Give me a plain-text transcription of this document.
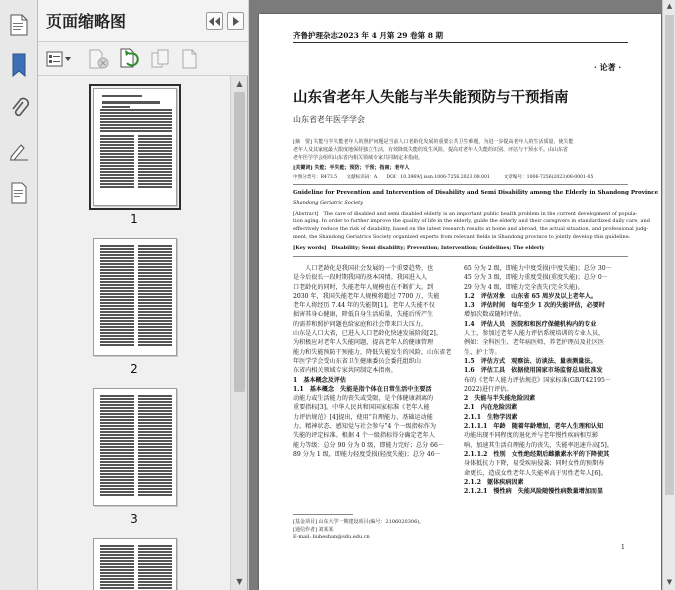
页面缩略图
1
2
3
▲
▼
齐鲁护理杂志2023 年 4 月第 29 卷第 8 期
· 论著 ·
山东省老年人失能与半失能预防与干预指南
山东省老年医学学会
[摘　要] 失能与半失能老年人的照护问题是当前人口老龄化发展的重要公共卫生难题。为进一步提高老年人的生活质量，使失能
老年人及其家庭最大限度地保持独立生活，有效降低失能的发生风险，提高对老年人失能的识别、评估与干预水平。由山东省
老年医学学会组织山东省内相关领域专家共同制定本指南。
[关键词] 失能；半失能；预防；干预；指南；老年人
中图分类号：R473.5　　文献标识码：A　　DOI：10.3969/j.issn.1006-7256.2023.08.001　　　文章编号：1006-7256(2023)08-0001-05
Guideline for Prevention and Intervention of Disability and Semi Disability among the Elderly in Shandong Province
Shandong Geriatric Society
[Abstract]　The care of disabled and semi disabled elderly is an important public health problem in the current development of popula-
tion aging. In order to further improve the quality of life in the elderly, guide the elderly and their caregivers in standardized daily care, and
effectively reduce the risk of disability, based on the latest research results at home and abroad, the actual situation, and professional judg-
ment, the Shandong Geriatrics Society organized experts from relevant fields in Shandong province to jointly develop this guideline.
[Key words]　Disability; Semi disability; Prevention; Intervention; Guidelines; The elderly
　　人口老龄化是我国社会发展的一个重要趋势，也
是今后很长一段时期我国的基本国情。我国进入人
口老龄化的同时，失能老年人规模也在不断扩大。到
2030 年，我国失能老年人规模将超过 7700 万，失能
老年人将经历 7.44 年的失能期[1]。老年人失能不仅
损害其身心健康，降低自身生活质量，失能后所产生
的需养和照护问题也给家庭和社会带来巨大压力。
山东是人口大省，已进入人口老龄化快速发展阶段[2]。
为积极应对老年人失能问题，提高老年人的健康管理
能力和失能预防干预能力，降低失能发生的风险，山东省老
年医学学会受山东省卫生健康委员会委托组织山
东省内相关领域专家共同制定本指南。
1　基本概念及评估
1.1　基本概念　失能是指个体在日常生活中主要活
动能力或生活能力的丧失或受限，是个体健康剥离的
重要指标[3]。中华人民共和国国家标准《老年人能
力评估规范》[4]提出，使用“自理能力、基础运动能
力、精神状态、感知觉与社会参与”4 个一级指标作为
失能的评定标准。根据 4 个一级指标得分确定老年人
能力等级：总分 90 分为 0 级，即能力完好；总分 66－
89 分为 1 级，即能力轻度受损(轻度失能)；总分 46－
65 分为 2 级，即能力中度受损(中度失能)；总分 30－
45 分为 3 级，即能力重度受损(重度失能)；总分 0－
29 分为 4 级，即能力完全丧失(完全失能)。
1.2　评估对象　山东省 65 周岁及以上老年人。
1.3　评估时间　每年至少 1 次的失能评估，必要时
增加次数或随时评估。
1.4　评估人员　医院和和医疗保健机构内的专业
人士，参加过老年人能力评估系统培训的专业人员，
例如：全科医生、老年病医师、养老护理员及社区医
生、护士等。
1.5　评估方式　观察法、访谈法、量表测量法。
1.6　评估工具　依据使用国家市场监督总局批准发
布的《老年人能力评估规范》国家标准(GB/T42195－
2022)进行评估。
2　失能与半失能危险因素
2.1　内在危险因素
2.1.1　生物学因素
2.1.1.1　年龄　随着年龄增加，老年人生理和认知
功能出现不同程度的退化并与老年慢性疾病相互影
响，加速其生活自理能力的丧失，失能率迅速升高[5]。
2.1.1.2　性别　女性绝经期后雌激素水平的下降使其
身体抵抗力下降，易受疾病侵袭；同时女性的预期寿
命更长，造成女性老年人失能率高于男性老年人[6]。
2.1.2　躯体疾病因素
2.1.2.1　慢性病　失能风险随慢性病数量增加而显
[基金项目] 山东大学一期建设项目(编号：2106020306)。
[通信作者] 刘某某
E-mail: liuheshan@sdu.edu.cn
1
▲
▼
